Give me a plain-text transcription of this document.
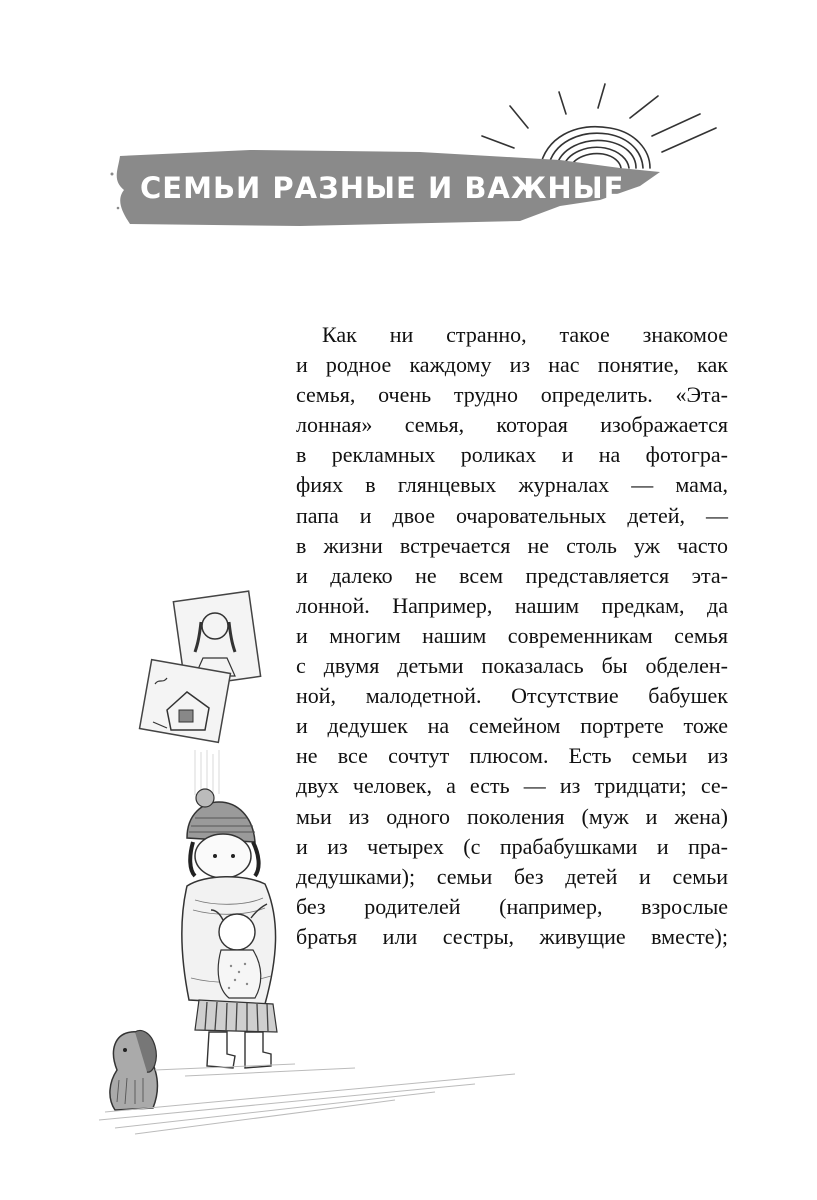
СЕМЬИ РАЗНЫЕ И ВАЖНЫЕ
Как ни странно, такое знакомое
и родное каждому из нас понятие, как
семья, очень трудно определить. «Эта-
лонная» семья, которая изображается
в рекламных роликах и на фотогра-
фиях в глянцевых журналах — мама,
папа и двое очаровательных детей, —
в жизни встречается не столь уж часто
и далеко не всем представляется эта-
лонной. Например, нашим предкам, да
и многим нашим современникам семья
с двумя детьми показалась бы обделен-
ной, малодетной. Отсутствие бабушек
и дедушек на семейном портрете тоже
не все сочтут плюсом. Есть семьи из
двух человек, а есть — из тридцати; се-
мьи из одного поколения (муж и жена)
и из четырех (с прабабушками и пра-
дедушками); семьи без детей и семьи
без родителей (например, взрослые
братья или сестры, живущие вместе);
